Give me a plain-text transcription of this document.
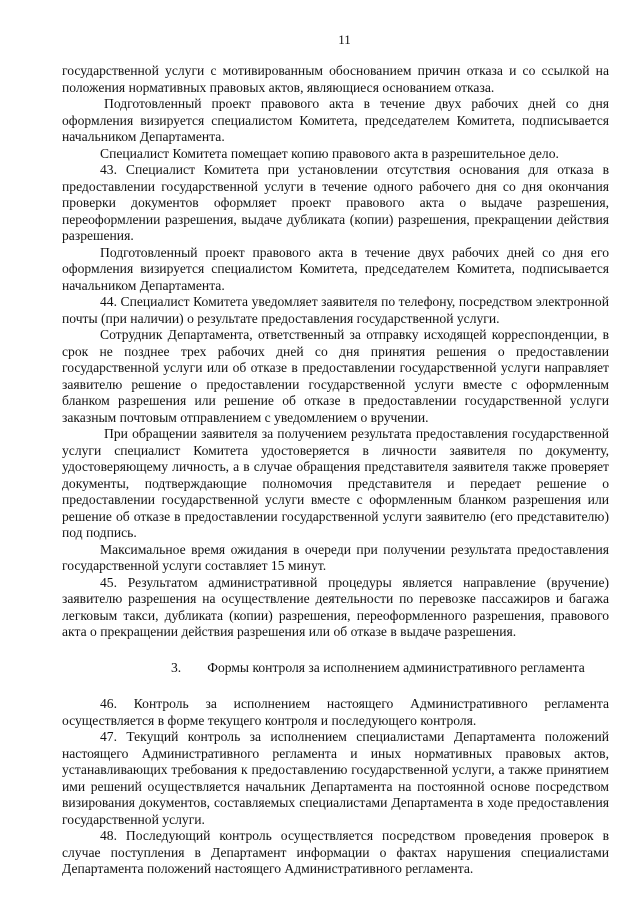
11

государственной услуги с мотивированным обоснованием причин отказа и со ссылкой на положения нормативных правовых актов, являющиеся основанием отказа.

Подготовленный проект правового акта в течение двух рабочих дней со дня оформления визируется специалистом Комитета, председателем Комитета, подписывается начальником Департамента.

Специалист Комитета помещает копию правового акта в разрешительное дело.

43. Специалист Комитета при установлении отсутствия основания для отказа в предоставлении государственной услуги в течение одного рабочего дня со дня окончания проверки документов оформляет проект правового акта о выдаче разрешения, переоформлении разрешения, выдаче дубликата (копии) разрешения, прекращении действия разрешения.

Подготовленный проект правового акта в течение двух рабочих дней со дня его оформления визируется специалистом Комитета, председателем Комитета, подписывается начальником Департамента.

44. Специалист Комитета уведомляет заявителя по телефону, посредством электронной почты (при наличии) о результате предоставления государственной услуги.

Сотрудник Департамента, ответственный за отправку исходящей корреспонденции, в срок не позднее трех рабочих дней со дня принятия решения о предоставлении государственной услуги или об отказе в предоставлении государственной услуги направляет заявителю решение о предоставлении государственной услуги вместе с оформленным бланком разрешения или решение об отказе в предоставлении государственной услуги заказным почтовым отправлением с уведомлением о вручении.

При обращении заявителя за получением результата предоставления государственной услуги специалист Комитета удостоверяется в личности заявителя по документу, удостоверяющему личность, а в случае обращения представителя заявителя также проверяет документы, подтверждающие полномочия представителя и передает решение о предоставлении государственной услуги вместе с оформленным бланком разрешения или решение об отказе в предоставлении государственной услуги заявителю (его представителю) под подпись.

Максимальное время ожидания в очереди при получении результата предоставления государственной услуги составляет 15 минут.

45. Результатом административной процедуры является направление (вручение) заявителю разрешения на осуществление деятельности по перевозке пассажиров и багажа легковым такси, дубликата (копии) разрешения, переоформленного разрешения, правового акта о прекращении действия разрешения или об отказе в выдаче разрешения.

3. Формы контроля за исполнением административного регламента

46. Контроль за исполнением настоящего Административного регламента осуществляется в форме текущего контроля и последующего контроля.

47. Текущий контроль за исполнением специалистами Департамента положений настоящего Административного регламента и иных нормативных правовых актов, устанавливающих требования к предоставлению государственной услуги, а также принятием ими решений осуществляется начальник Департамента на постоянной основе посредством визирования документов, составляемых специалистами Департамента в ходе предоставления государственной услуги.

48. Последующий контроль осуществляется посредством проведения проверок в случае поступления в Департамент информации о фактах нарушения специалистами Департамента положений настоящего Административного регламента.
